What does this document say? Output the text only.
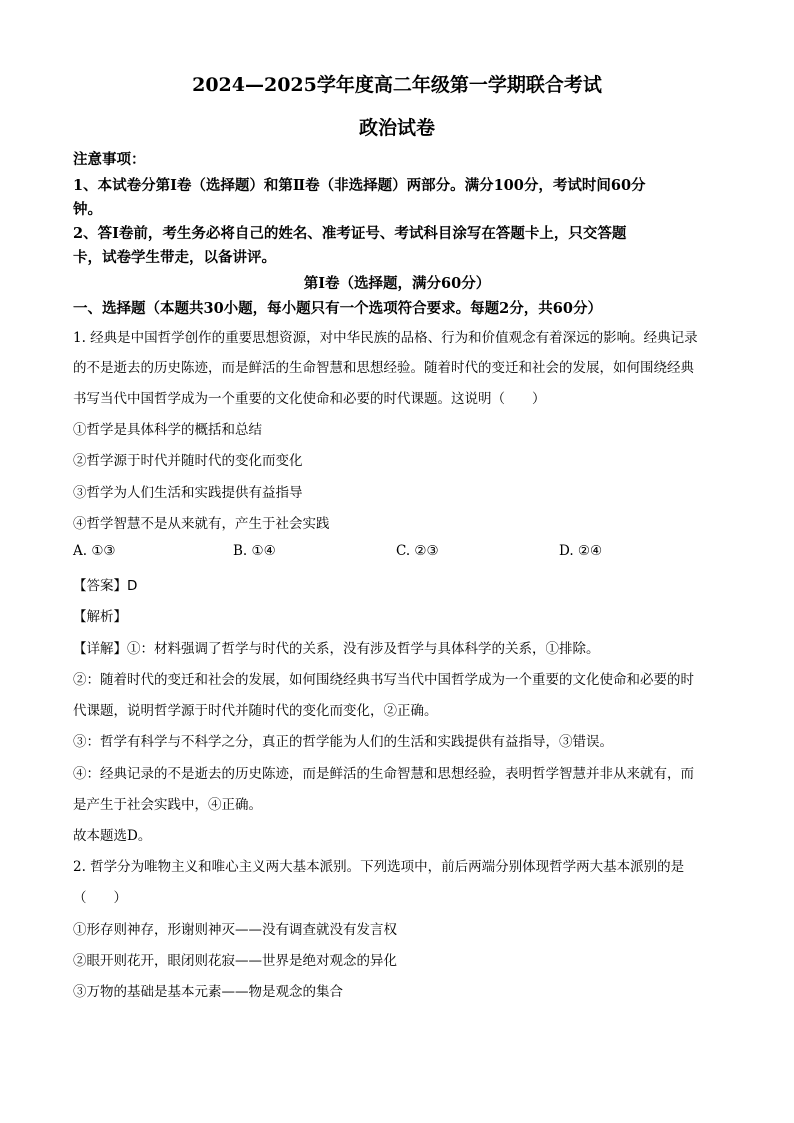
2024—2025学年度高二年级第一学期联合考试
政治试卷
注意事项：
1、本试卷分第Ⅰ卷（选择题）和第Ⅱ卷（非选择题）两部分。满分100分，考试时间60分
钟。
2、答Ⅰ卷前，考生务必将自己的姓名、准考证号、考试科目涂写在答题卡上，只交答题
卡，试卷学生带走，以备讲评。
第Ⅰ卷（选择题，满分60分）
一、选择题（本题共30小题，每小题只有一个选项符合要求。每题2分，共60分）
1. 经典是中国哲学创作的重要思想资源，对中华民族的品格、行为和价值观念有着深远的影响。经典记录
的不是逝去的历史陈迹，而是鲜活的生命智慧和思想经验。随着时代的变迁和社会的发展，如何围绕经典
书写当代中国哲学成为一个重要的文化使命和必要的时代课题。这说明（　　）
①哲学是具体科学的概括和总结
②哲学源于时代并随时代的变化而变化
③哲学为人们生活和实践提供有益指导
④哲学智慧不是从来就有，产生于社会实践
A. ①③	B. ①④	C. ②③	D. ②④
【答案】D
【解析】
【详解】①：材料强调了哲学与时代的关系，没有涉及哲学与具体科学的关系，①排除。
②：随着时代的变迁和社会的发展，如何围绕经典书写当代中国哲学成为一个重要的文化使命和必要的时
代课题，说明哲学源于时代并随时代的变化而变化，②正确。
③：哲学有科学与不科学之分，真正的哲学能为人们的生活和实践提供有益指导，③错误。
④：经典记录的不是逝去的历史陈迹，而是鲜活的生命智慧和思想经验，表明哲学智慧并非从来就有，而
是产生于社会实践中，④正确。
故本题选D。
2. 哲学分为唯物主义和唯心主义两大基本派别。下列选项中，前后两端分别体现哲学两大基本派别的是
（　　）
①形存则神存，形谢则神灭——没有调查就没有发言权
②眼开则花开，眼闭则花寂——世界是绝对观念的异化
③万物的基础是基本元素——物是观念的集合
